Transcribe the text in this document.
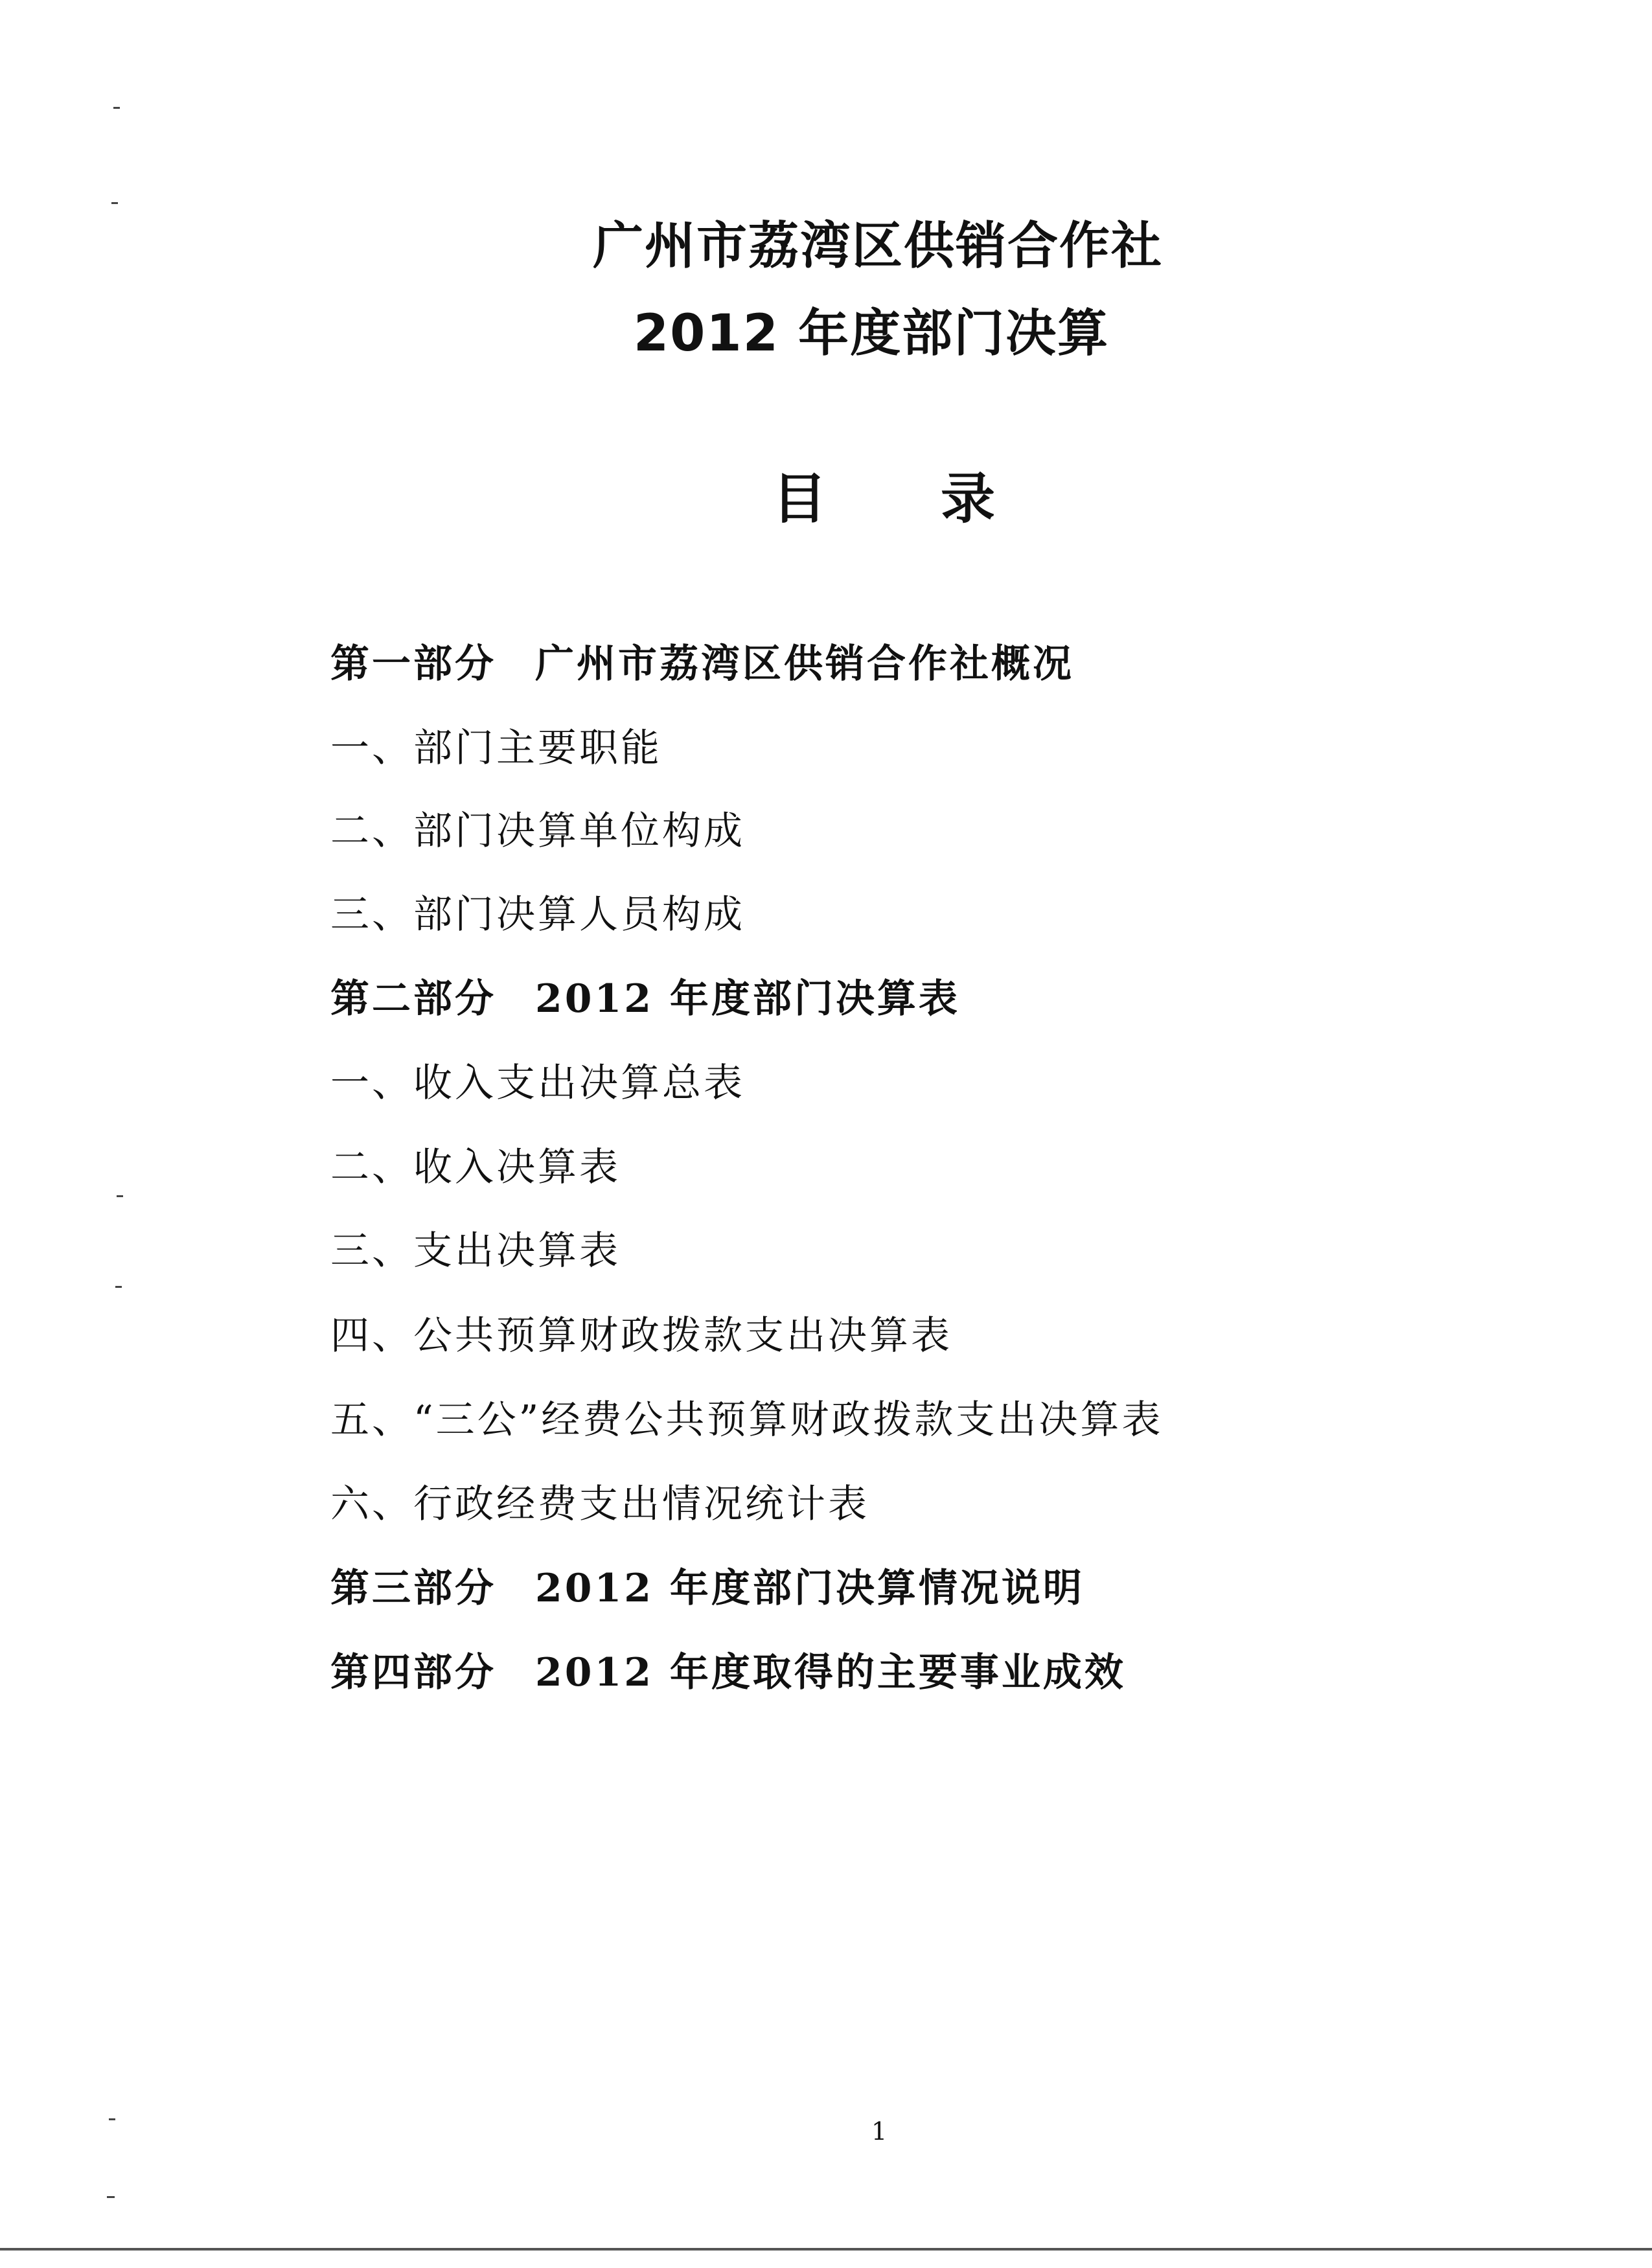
广州市荔湾区供销合作社
2012 年度部门决算
目 录
第一部分 广州市荔湾区供销合作社概况
一、部门主要职能
二、部门决算单位构成
三、部门决算人员构成
第二部分 2012 年度部门决算表
一、收入支出决算总表
二、收入决算表
三、支出决算表
四、公共预算财政拨款支出决算表
五、“三公”经费公共预算财政拨款支出决算表
六、行政经费支出情况统计表
第三部分 2012 年度部门决算情况说明
第四部分 2012 年度取得的主要事业成效
1
